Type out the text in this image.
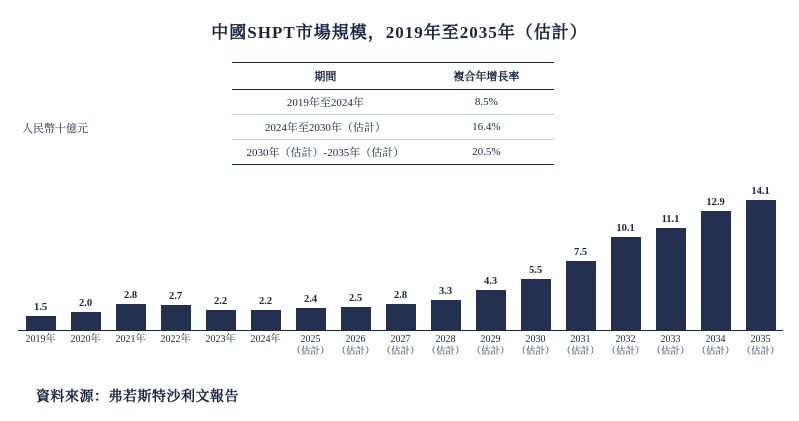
中國SHPT市場規模，2019年至2035年（估計）
期間	複合年增長率
2019年至2024年	8.5%
2024年至2030年（估計）	16.4%
2030年（估計）-2035年（估計）	20.5%
人民幣十億元
1.5	2.0
2.8	2.7	2.2	2.2	2.4	2.5	2.8	3.3
4.3
5.5
7.5
10.1
11.1
12.9
14.1
2019年	2020年	2021年	2022年	2023年	2024年	2025
（估計）
2026
（估計）
2027
（估計）
2028
（估計）
2029
（估計）
2030
（估計）
2031
（估計）
2032
（估計）
2033
（估計）
2034
（估計）
2035
（估計）
資料來源：弗若斯特沙利文報告
